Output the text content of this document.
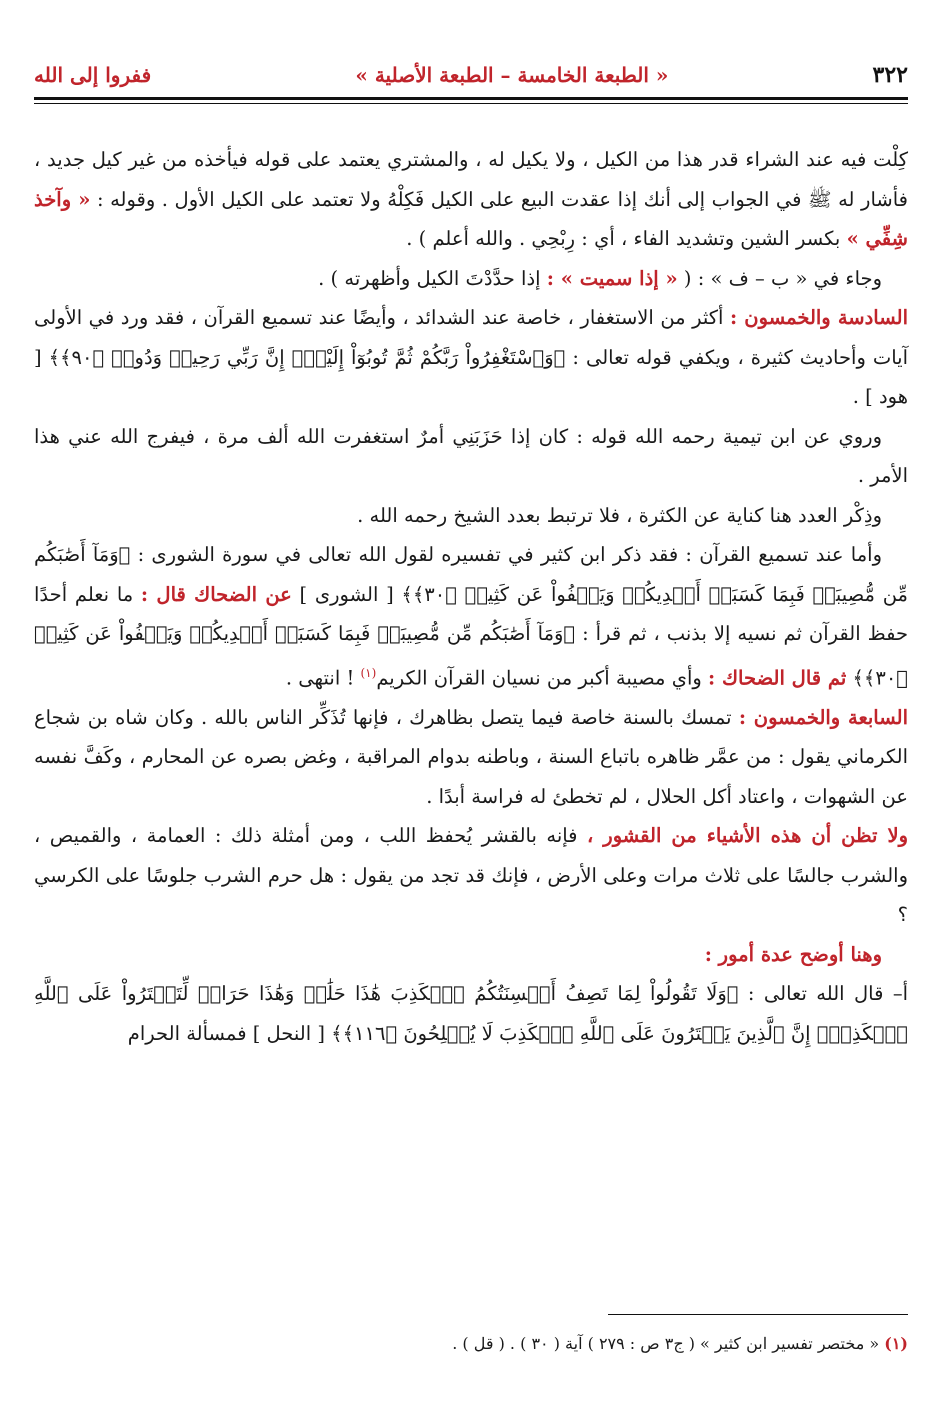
٣٢٢
« الطبعة الخامسة – الطبعة الأصلية »
ففروا إلى الله

كِلْت فيه عند الشراء قدر هذا من الكيل ، ولا يكيل له ، والمشتري يعتمد على قوله فيأخذه من غير كيل جديد ، فأشار له ﷺ في الجواب إلى أنك إذا عقدت البيع على الكيل فَكِلْهُ ولا تعتمد على الكيل الأول . وقوله : « وآخذ شِفِّي » بكسر الشين وتشديد الفاء ، أي : رِبْحِي . والله أعلم ) .

وجاء في « ب – ف » : ( « إذا سميت » : إذا حدَّدْتَ الكيل وأظهرته ) .

السادسة والخمسون : أكثر من الاستغفار ، خاصة عند الشدائد ، وأيضًا عند تسميع القرآن ، فقد ورد في الأولى آيات وأحاديث كثيرة ، ويكفي قوله تعالى : ﴿وَٱسْتَغْفِرُواْ رَبَّكُمْ ثُمَّ تُوبُوٓاْ إِلَيْهِۚ إِنَّ رَبِّي رَحِيمٞ وَدُودٞ ﴿٩٠﴾﴾ [ هود ] .

وروي عن ابن تيمية رحمه الله قوله : كان إذا حَزَبَنِي أمرٌ استغفرت الله ألف مرة ، فيفرج الله عني هذا الأمر .

وذِكْر العدد هنا كناية عن الكثرة ، فلا ترتبط بعدد الشيخ رحمه الله .

وأما عند تسميع القرآن : فقد ذكر ابن كثير في تفسيره لقول الله تعالى في سورة الشورى : ﴿وَمَآ أَصَٰبَكُم مِّن مُّصِيبَةٖ فَبِمَا كَسَبَتۡ أَيۡدِيكُمۡ وَيَعۡفُواْ عَن كَثِيرٖ ﴿٣٠﴾﴾ [ الشورى ] عن الضحاك قال : ما نعلم أحدًا حفظ القرآن ثم نسيه إلا بذنب ، ثم قرأ : ﴿وَمَآ أَصَٰبَكُم مِّن مُّصِيبَةٖ فَبِمَا كَسَبَتۡ أَيۡدِيكُمۡ وَيَعۡفُواْ عَن كَثِيرٖ ﴿٣٠﴾﴾ ثم قال الضحاك : وأي مصيبة أكبر من نسيان القرآن الكريم$^{(١)}$ ! انتهى .

السابعة والخمسون : تمسك بالسنة خاصة فيما يتصل بظاهرك ، فإنها تُذَكِّر الناس بالله . وكان شاه بن شجاع الكرماني يقول : من عمَّر ظاهره باتباع السنة ، وباطنه بدوام المراقبة ، وغض بصره عن المحارم ، وكَفَّ نفسه عن الشهوات ، واعتاد أكل الحلال ، لم تخطئ له فراسة أبدًا .

ولا تظن أن هذه الأشياء من القشور ، فإنه بالقشر يُحفظ اللب ، ومن أمثلة ذلك : العمامة ، والقميص ، والشرب جالسًا على ثلاث مرات وعلى الأرض ، فإنك قد تجد من يقول : هل حرم الشرب جلوسًا على الكرسي ؟

وهنا أوضح عدة أمور :

أ– قال الله تعالى : ﴿وَلَا تَقُولُواْ لِمَا تَصِفُ أَلۡسِنَتُكُمُ ٱلۡكَذِبَ هَٰذَا حَلَٰلٞ وَهَٰذَا حَرَامٞ لِّتَفۡتَرُواْ عَلَى ٱللَّهِ ٱلۡكَذِبَۚ إِنَّ ٱلَّذِينَ يَفۡتَرُونَ عَلَى ٱللَّهِ ٱلۡكَذِبَ لَا يُفۡلِحُونَ ﴿١١٦﴾﴾ [ النحل ] فمسألة الحرام

(١) « مختصر تفسير ابن كثير » ( ج٣ ص : ٢٧٩ ) آية ( ٣٠ ) . ( قل ) .
